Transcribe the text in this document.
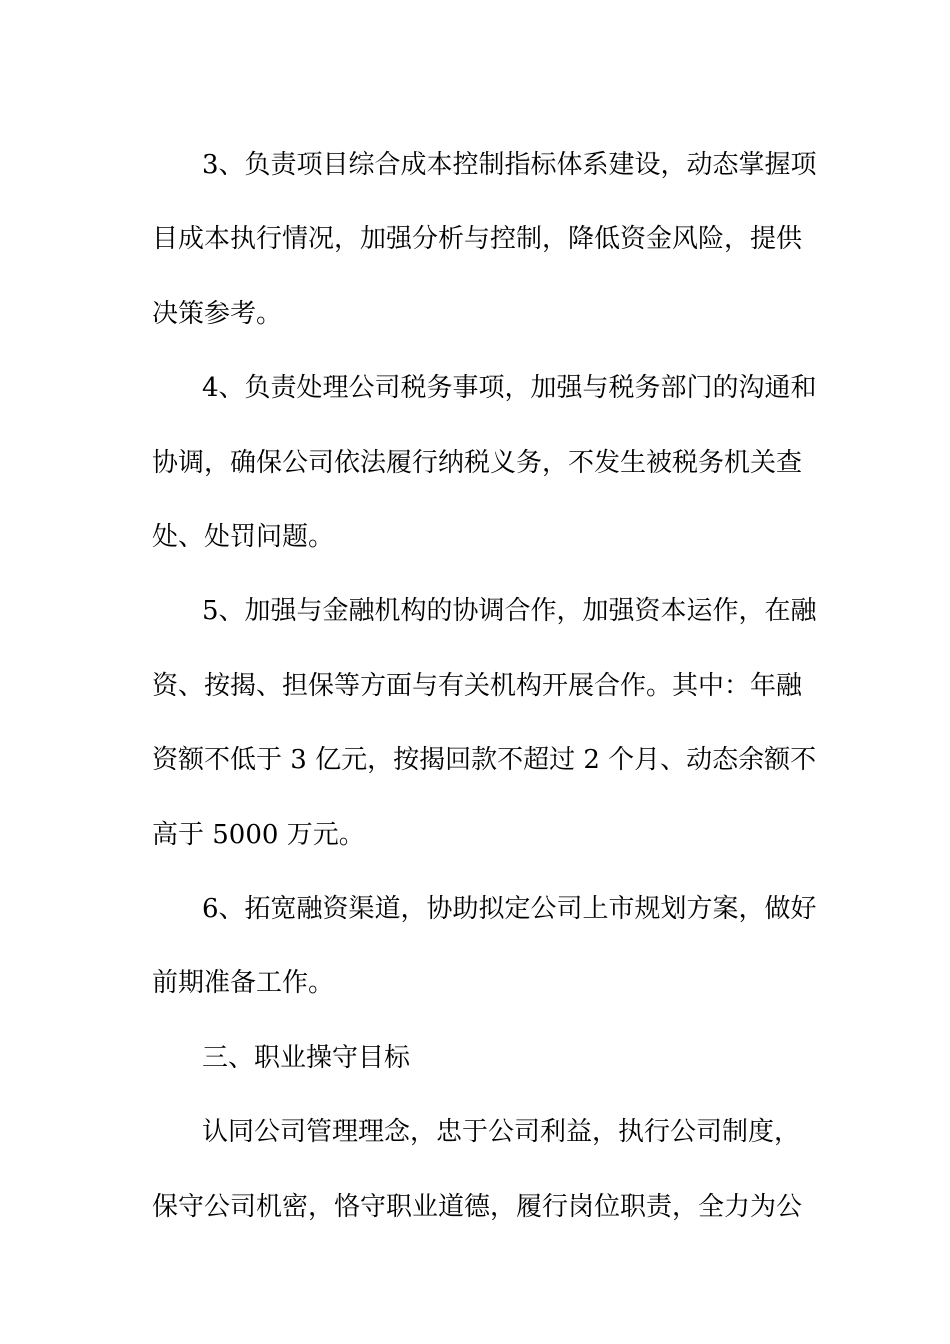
3、负责项目综合成本控制指标体系建设，动态掌握项
目成本执行情况，加强分析与控制，降低资金风险，提供
决策参考。
4、负责处理公司税务事项，加强与税务部门的沟通和
协调，确保公司依法履行纳税义务，不发生被税务机关查
处、处罚问题。
5、加强与金融机构的协调合作，加强资本运作，在融
资、按揭、担保等方面与有关机构开展合作。其中：年融
资额不低于 3 亿元，按揭回款不超过 2 个月、动态余额不
高于 5000 万元。
6、拓宽融资渠道，协助拟定公司上市规划方案，做好
前期准备工作。
三、职业操守目标
认同公司管理理念，忠于公司利益，执行公司制度，
保守公司机密，恪守职业道德，履行岗位职责，全力为公
